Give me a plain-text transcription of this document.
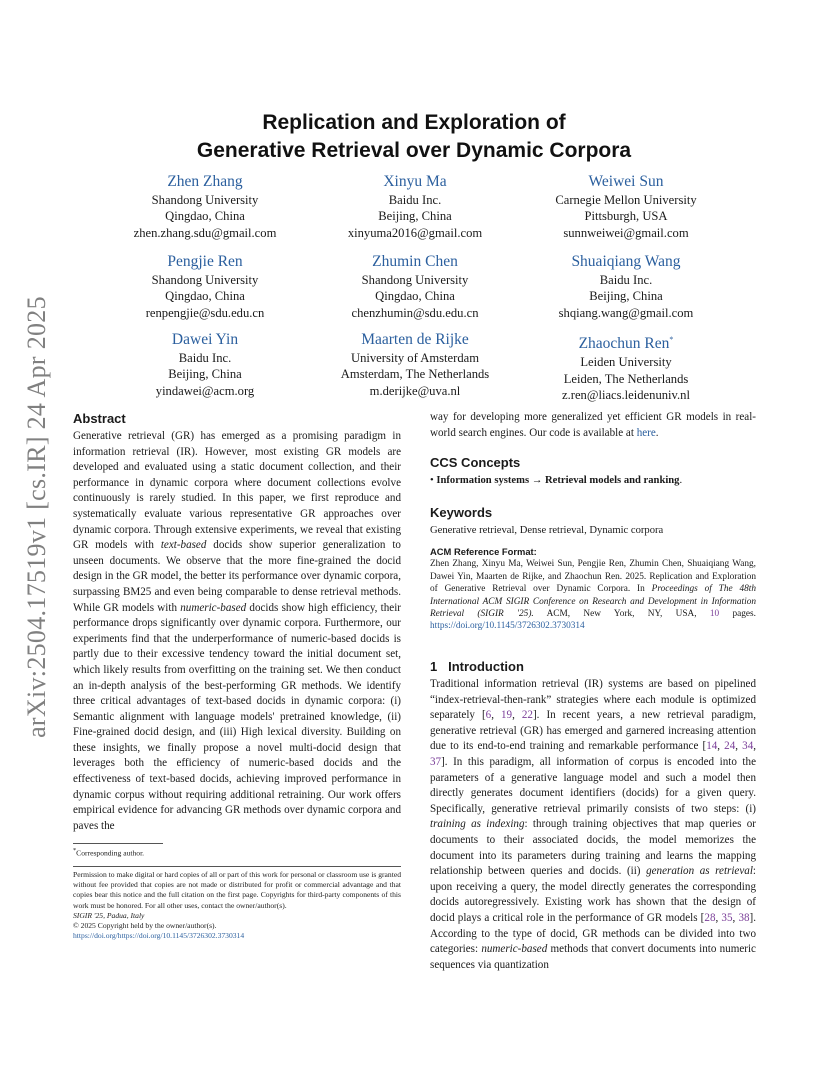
arXiv:2504.17519v1 [cs.IR] 24 Apr 2025
Replication and Exploration of
Generative Retrieval over Dynamic Corpora
Zhen Zhang
Shandong University
Qingdao, China
zhen.zhang.sdu@gmail.com
Xinyu Ma
Baidu Inc.
Beijing, China
xinyuma2016@gmail.com
Weiwei Sun
Carnegie Mellon University
Pittsburgh, USA
sunnweiwei@gmail.com
Pengjie Ren
Shandong University
Qingdao, China
renpengjie@sdu.edu.cn
Zhumin Chen
Shandong University
Qingdao, China
chenzhumin@sdu.edu.cn
Shuaiqiang Wang
Baidu Inc.
Beijing, China
shqiang.wang@gmail.com
Dawei Yin
Baidu Inc.
Beijing, China
yindawei@acm.org
Maarten de Rijke
University of Amsterdam
Amsterdam, The Netherlands
m.derijke@uva.nl
Zhaochun Ren*
Leiden University
Leiden, The Netherlands
z.ren@liacs.leidenuniv.nl
Abstract
Generative retrieval (GR) has emerged as a promising paradigm in information retrieval (IR). However, most existing GR models are developed and evaluated using a static document collection, and their performance in dynamic corpora where document collections evolve continuously is rarely studied. In this paper, we first reproduce and systematically evaluate various representative GR approaches over dynamic corpora. Through extensive experiments, we reveal that existing GR models with text-based docids show superior generalization to unseen documents. We observe that the more fine-grained the docid design in the GR model, the better its performance over dynamic corpora, surpassing BM25 and even being comparable to dense retrieval methods. While GR models with numeric-based docids show high efficiency, their performance drops significantly over dynamic corpora. Furthermore, our experiments find that the underperformance of numeric-based docids is partly due to their excessive tendency toward the initial document set, which likely results from overfitting on the training set. We then conduct an in-depth analysis of the best-performing GR methods. We identify three critical advantages of text-based docids in dynamic corpora: (i) Semantic alignment with language models' pretrained knowledge, (ii) Fine-grained docid design, and (iii) High lexical diversity. Building on these insights, we finally propose a novel multi-docid design that leverages both the efficiency of numeric-based docids and the effectiveness of text-based docids, achieving improved performance in dynamic corpus without requiring additional retraining. Our work offers empirical evidence for advancing GR methods over dynamic corpora and paves the
*Corresponding author.
Permission to make digital or hard copies of all or part of this work for personal or classroom use is granted without fee provided that copies are not made or distributed for profit or commercial advantage and that copies bear this notice and the full citation on the first page. Copyrights for third-party components of this work must be honored. For all other uses, contact the owner/author(s).
SIGIR '25, Padua, Italy
© 2025 Copyright held by the owner/author(s).
https://doi.org/https://doi.org/10.1145/3726302.3730314
way for developing more generalized yet efficient GR models in real-world search engines. Our code is available at here.
CCS Concepts
• Information systems → Retrieval models and ranking.
Keywords
Generative retrieval, Dense retrieval, Dynamic corpora
ACM Reference Format:
Zhen Zhang, Xinyu Ma, Weiwei Sun, Pengjie Ren, Zhumin Chen, Shuaiqiang Wang, Dawei Yin, Maarten de Rijke, and Zhaochun Ren. 2025. Replication and Exploration of Generative Retrieval over Dynamic Corpora. In Proceedings of The 48th International ACM SIGIR Conference on Research and Development in Information Retrieval (SIGIR '25). ACM, New York, NY, USA, 10 pages. https://doi.org/10.1145/3726302.3730314
1 Introduction
Traditional information retrieval (IR) systems are based on pipelined “index-retrieval-then-rank” strategies where each module is optimized separately [6, 19, 22]. In recent years, a new retrieval paradigm, generative retrieval (GR) has emerged and garnered increasing attention due to its end-to-end training and remarkable performance [14, 24, 34, 37]. In this paradigm, all information of corpus is encoded into the parameters of a generative language model and such a model then directly generates document identifiers (docids) for a given query. Specifically, generative retrieval primarily consists of two steps: (i) training as indexing: through training objectives that map queries or documents to their associated docids, the model memorizes the document into its parameters during training and learns the mapping relationship between queries and docids. (ii) generation as retrieval: upon receiving a query, the model directly generates the corresponding docids autoregressively. Existing work has shown that the design of docid plays a critical role in the performance of GR models [28, 35, 38]. According to the type of docid, GR methods can be divided into two categories: numeric-based methods that convert documents into numeric sequences via quantization
